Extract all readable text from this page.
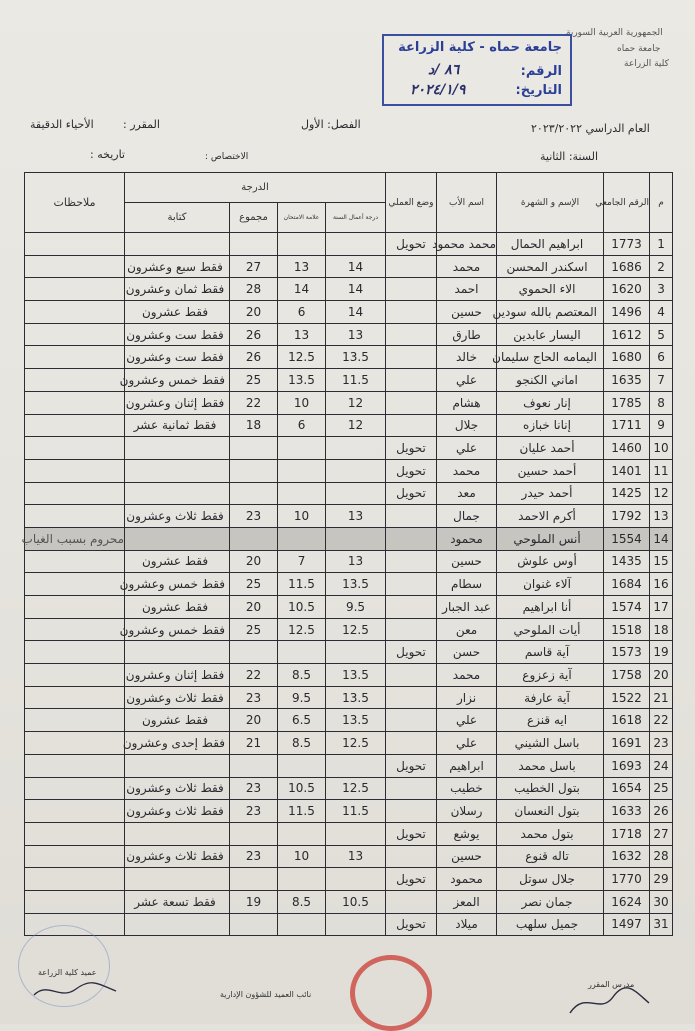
الجمهورية العربية السورية
جامعة حماه
كلية الزراعة
جامعة حماه - كلية الزراعة
الرقم:
٨٦ /د
التاريخ:
٢٠٢٤/١/٩
العام الدراسي ٢٠٢٣/٢٠٢٢
الفصل: الأول
المقرر :
الأحياء الدقيقة
السنة: الثانية
الاختصاص :
تاريخه :
م	الرقم الجامعي	الإسم و الشهرة	اسم الأب	وضع العملي	الدرجة				ملاحظات
					درجة أعمال السنة	علامة الامتحان	مجموع	كتابة	
1	1773	ابراهيم الحمال	محمد محمود	تحويل					
2	1686	اسكندر المحسن	محمد		14	13	27	فقط سبع وعشرون	
3	1620	الاء الحموي	احمد		14	14	28	فقط ثمان وعشرون	
4	1496	المعتصم بالله سودين	حسين		14	6	20	فقط عشرون	
5	1612	اليسار عابدين	طارق		13	13	26	فقط ست وعشرون	
6	1680	اليمامه الحاج سليمان	خالد		13.5	12.5	26	فقط ست وعشرون	
7	1635	اماني الكنجو	علي		11.5	13.5	25	فقط خمس وعشرون	
8	1785	إنار نعوف	هشام		12	10	22	فقط إثنان وعشرون	
9	1711	إنانا خبازه	جلال		12	6	18	فقط ثمانية عشر	
10	1460	أحمد عليان	علي	تحويل					
11	1401	أحمد حسين	محمد	تحويل					
12	1425	أحمد حيدر	معد	تحويل					
13	1792	أكرم الاحمد	جمال		13	10	23	فقط ثلاث وعشرون	
14	1554	أنس الملوحي	محمود						محروم بسبب الغياب
15	1435	أوس علوش	حسين		13	7	20	فقط عشرون	
16	1684	آلاء غنوان	سطام		13.5	11.5	25	فقط خمس وعشرون	
17	1574	أنا ابراهيم	عبد الجبار		9.5	10.5	20	فقط عشرون	
18	1518	أيات الملوحي	معن		12.5	12.5	25	فقط خمس وعشرون	
19	1573	آية قاسم	حسن	تحويل					
20	1758	آية زعزوع	محمد		13.5	8.5	22	فقط إثنان وعشرون	
21	1522	آية عارفة	نزار		13.5	9.5	23	فقط ثلاث وعشرون	
22	1618	ايه قنزع	علي		13.5	6.5	20	فقط عشرون	
23	1691	باسل الشيني	علي		12.5	8.5	21	فقط إحدى وعشرون	
24	1693	باسل محمد	ابراهيم	تحويل					
25	1654	بتول الخطيب	خطيب		12.5	10.5	23	فقط ثلاث وعشرون	
26	1633	بتول النعسان	رسلان		11.5	11.5	23	فقط ثلاث وعشرون	
27	1718	بتول محمد	يوشع	تحويل					
28	1632	تاله قنوع	حسين		13	10	23	فقط ثلاث وعشرون	
29	1770	جلال سوتل	محمود	تحويل					
30	1624	جمان نصر	المعز		10.5	8.5	19	فقط تسعة عشر	
31	1497	جميل سلهب	ميلاد	تحويل					
عميد كلية الزراعة
نائب العميد للشؤون الإدارية
مدرس المقرر
